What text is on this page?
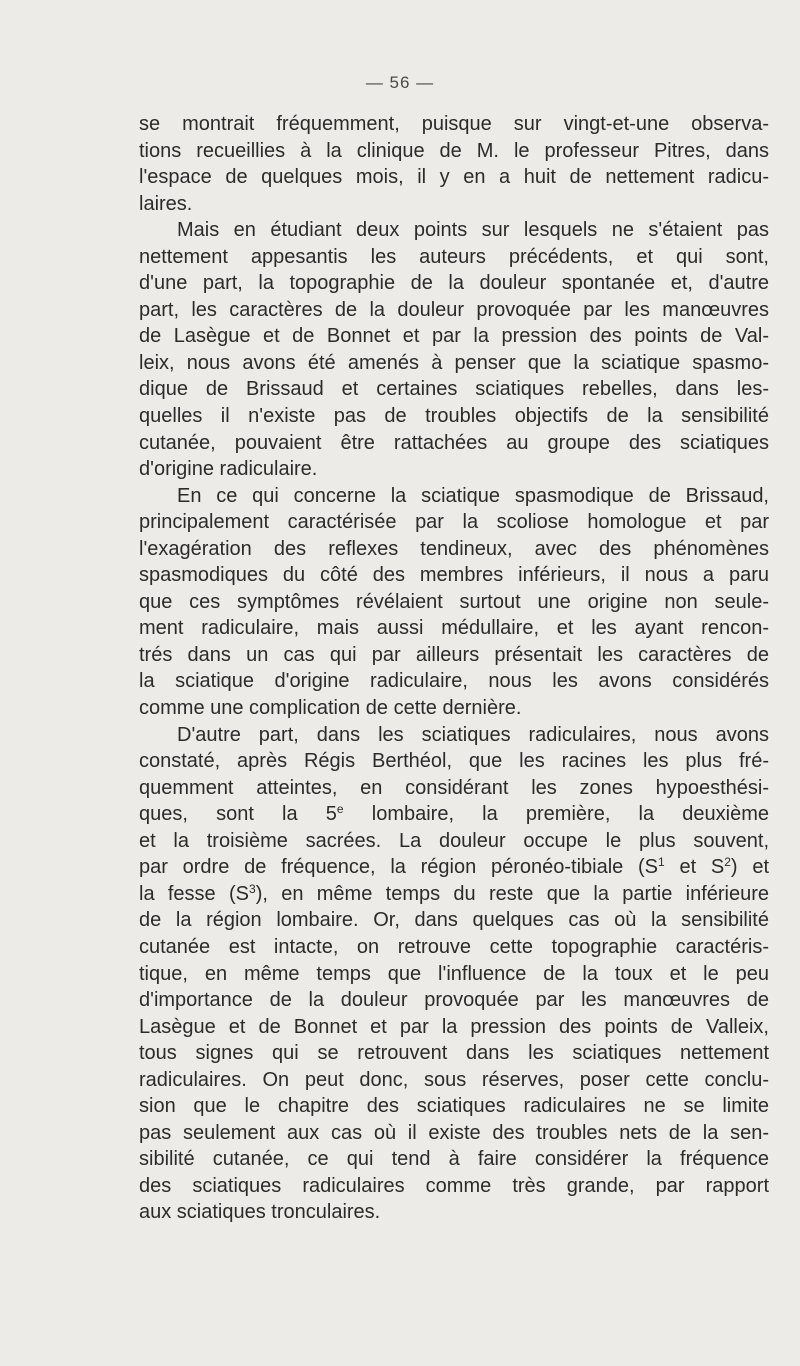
— 56 —
se montrait fréquemment, puisque sur vingt-et-une observa-
tions recueillies à la clinique de M. le professeur Pitres, dans
l'espace de quelques mois, il y en a huit de nettement radicu-
laires.
Mais en étudiant deux points sur lesquels ne s'étaient pas
nettement appesantis les auteurs précédents, et qui sont,
d'une part, la topographie de la douleur spontanée et, d'autre
part, les caractères de la douleur provoquée par les manœuvres
de Lasègue et de Bonnet et par la pression des points de Val-
leix, nous avons été amenés à penser que la sciatique spasmo-
dique de Brissaud et certaines sciatiques rebelles, dans les-
quelles il n'existe pas de troubles objectifs de la sensibilité
cutanée, pouvaient être rattachées au groupe des sciatiques
d'origine radiculaire.
En ce qui concerne la sciatique spasmodique de Brissaud,
principalement caractérisée par la scoliose homologue et par
l'exagération des reflexes tendineux, avec des phénomènes
spasmodiques du côté des membres inférieurs, il nous a paru
que ces symptômes révélaient surtout une origine non seule-
ment radiculaire, mais aussi médullaire, et les ayant rencon-
trés dans un cas qui par ailleurs présentait les caractères de
la sciatique d'origine radiculaire, nous les avons considérés
comme une complication de cette dernière.
D'autre part, dans les sciatiques radiculaires, nous avons
constaté, après Régis Berthéol, que les racines les plus fré-
quemment atteintes, en considérant les zones hypoesthési-
ques, sont la 5e lombaire, la première, la deuxième
et la troisième sacrées. La douleur occupe le plus souvent,
par ordre de fréquence, la région péronéo-tibiale ($S^1$ et $S^2$) et
la fesse $(S^3)$, en même temps du reste que la partie inférieure
de la région lombaire. Or, dans quelques cas où la sensibilité
cutanée est intacte, on retrouve cette topographie caractéris-
tique, en même temps que l'influence de la toux et le peu
d'importance de la douleur provoquée par les manœuvres de
Lasègue et de Bonnet et par la pression des points de Valleix,
tous signes qui se retrouvent dans les sciatiques nettement
radiculaires. On peut donc, sous réserves, poser cette conclu-
sion que le chapitre des sciatiques radiculaires ne se limite
pas seulement aux cas où il existe des troubles nets de la sen-
sibilité cutanée, ce qui tend à faire considérer la fréquence
des sciatiques radiculaires comme très grande, par rapport
aux sciatiques tronculaires.
